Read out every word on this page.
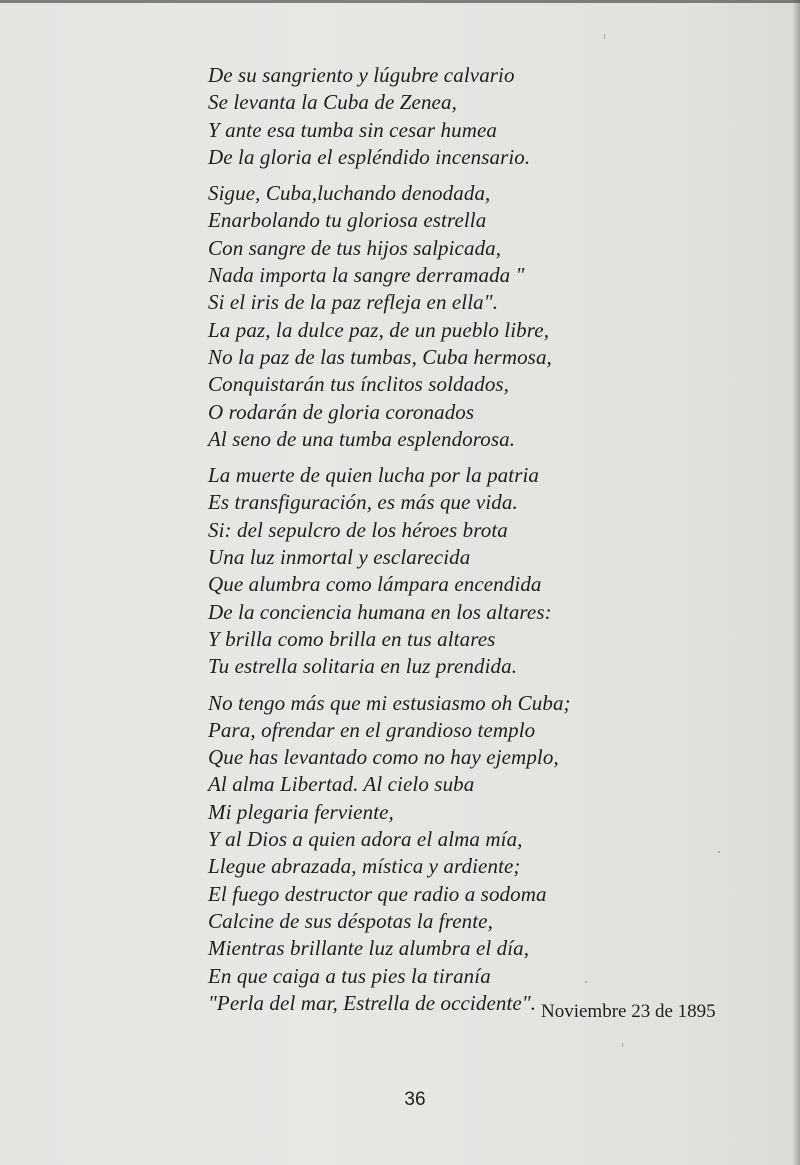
De su sangriento y lúgubre calvario
Se levanta la Cuba de Zenea,
Y ante esa tumba sin cesar humea
De la gloria el espléndido incensario.
Sigue, Cuba,luchando denodada,
Enarbolando tu gloriosa estrella
Con sangre de tus hijos salpicada,
Nada importa la sangre derramada "
Si el iris de la paz refleja en ella".
La paz, la dulce paz, de un pueblo libre,
No la paz de las tumbas, Cuba hermosa,
Conquistarán tus ínclitos soldados,
O rodarán de gloria coronados
Al seno de una tumba esplendorosa.
La muerte de quien lucha por la patria
Es transfiguración, es más que vida.
Si: del sepulcro de los héroes brota
Una luz inmortal y esclarecida
Que alumbra como lámpara encendida
De la conciencia humana en los altares:
Y brilla como brilla en tus altares
Tu estrella solitaria en luz prendida.
No tengo más que mi estusiasmo oh Cuba;
Para, ofrendar en el grandioso templo
Que has levantado como no hay ejemplo,
Al alma Libertad. Al cielo suba
Mi plegaria ferviente,
Y al Dios a quien adora el alma mía,
Llegue abrazada, mística y ardiente;
El fuego destructor que radio a sodoma
Calcine de sus déspotas la frente,
Mientras brillante luz alumbra el día,
En que caiga a tus pies la tiranía
"Perla del mar, Estrella de occidente". Noviembre 23 de 1895
36
